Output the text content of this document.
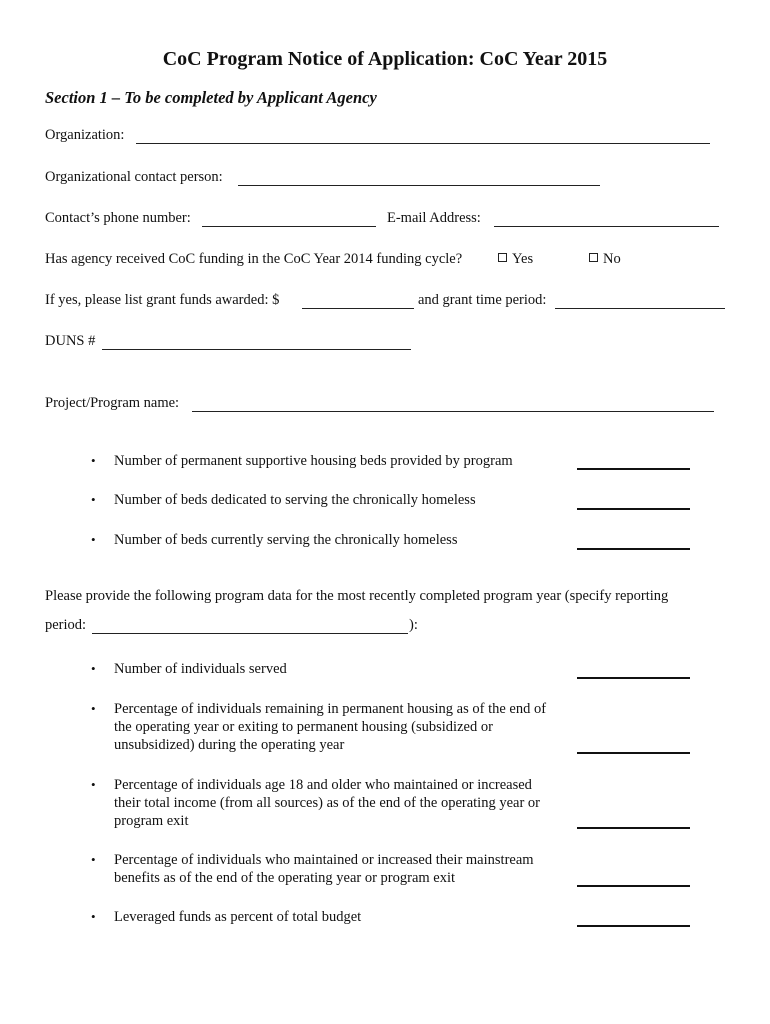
CoC Program Notice of Application: CoC Year 2015
Section 1 – To be completed by Applicant Agency
Organization:
Organizational contact person:
Contact’s phone number:	E-mail Address:
Has agency received CoC funding in the CoC Year 2014 funding cycle?	Yes	No
If yes, please list grant funds awarded: $	and grant time period:
DUNS #
Project/Program name:
• Number of permanent supportive housing beds provided by program
• Number of beds dedicated to serving the chronically homeless
• Number of beds currently serving the chronically homeless
Please provide the following program data for the most recently completed program year (specify reporting
period:	):
• Number of individuals served
• Percentage of individuals remaining in permanent housing as of the end of
the operating year or exiting to permanent housing (subsidized or
unsubsidized) during the operating year
• Percentage of individuals age 18 and older who maintained or increased
their total income (from all sources) as of the end of the operating year or
program exit
• Percentage of individuals who maintained or increased their mainstream
benefits as of the end of the operating year or program exit
• Leveraged funds as percent of total budget
